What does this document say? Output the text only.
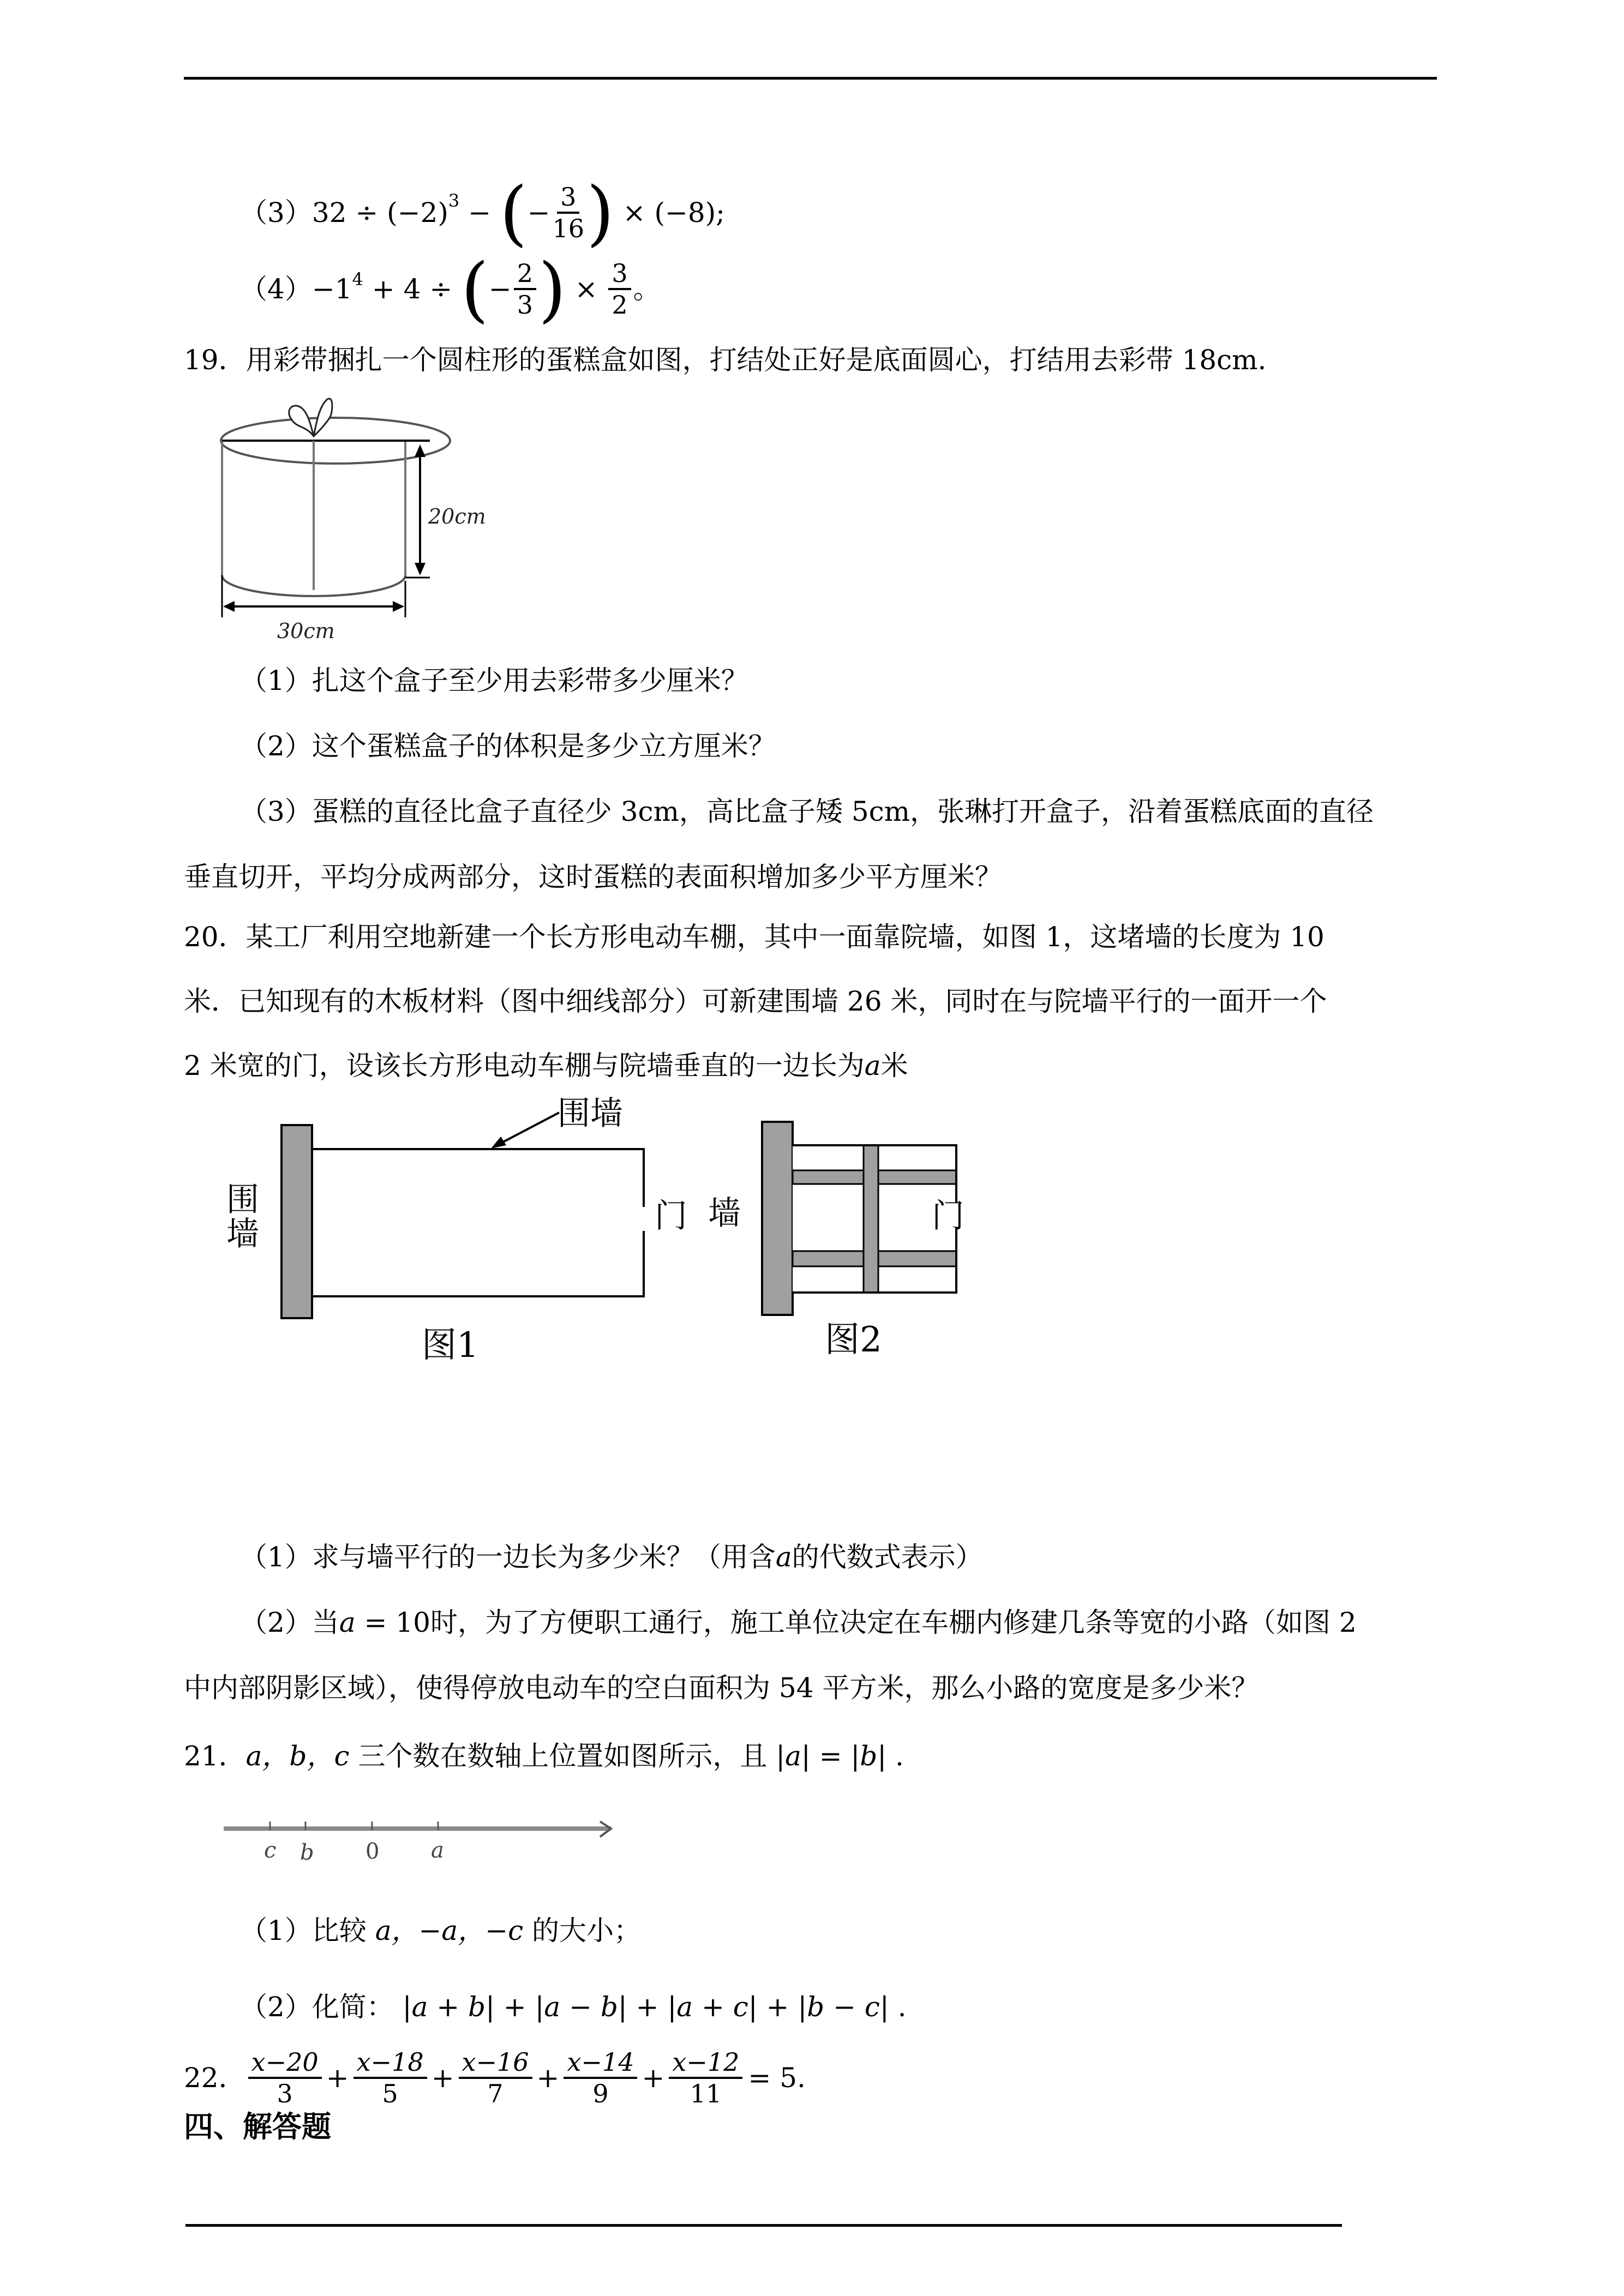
（3） $32 \div (-2)^3$ − ( − $\frac{3}{16}$ ) × (−8);
$(4) -1^4 + 4$ ÷ ( − $\frac{2}{3}$ ) × $\frac{3}{2}$ 。
19．用彩带捆扎一个圆柱形的蛋糕盒如图，打结处正好是底面圆心，打结用去彩带 18cm.
20cm
30cm
（1）扎这个盒子至少用去彩带多少厘米？
（2）这个蛋糕盒子的体积是多少立方厘米？
（3）蛋糕的直径比盒子直径少 3cm，高比盒子矮 5cm，张琳打开盒子，沿着蛋糕底面的直径
垂直切开，平均分成两部分，这时蛋糕的表面积增加多少平方厘米？
20．某工厂利用空地新建一个长方形电动车棚，其中一面靠院墙，如图 1，这堵墙的长度为 10
米．已知现有的木板材料（图中细线部分）可新建围墙 26 米，同时在与院墙平行的一面开一个
2 米宽的门，设该长方形电动车棚与院墙垂直的一边长为a米
围墙
围
墙	门
图1
墙	门
图2
（1）求与墙平行的一边长为多少米？（用含a的代数式表示）
（2）当a = 10时，为了方便职工通行，施工单位决定在车棚内修建几条等宽的小路（如图 2
中内部阴影区域），使得停放电动车的空白面积为 54 平方米，那么小路的宽度是多少米？
21．a，b，c 三个数在数轴上位置如图所示，且 |a| = |b| .
c b 0 a
（1）比较 a，−a，−c 的大小；
（2）化简： |a + b| + |a − b| + |a + c| + |b − c| .
22． $\frac{x-20}{3} + \frac{x-18}{5} + \frac{x-16}{7} + \frac{x-14}{9} + \frac{x-12}{11} = 5$.
四、解答题
